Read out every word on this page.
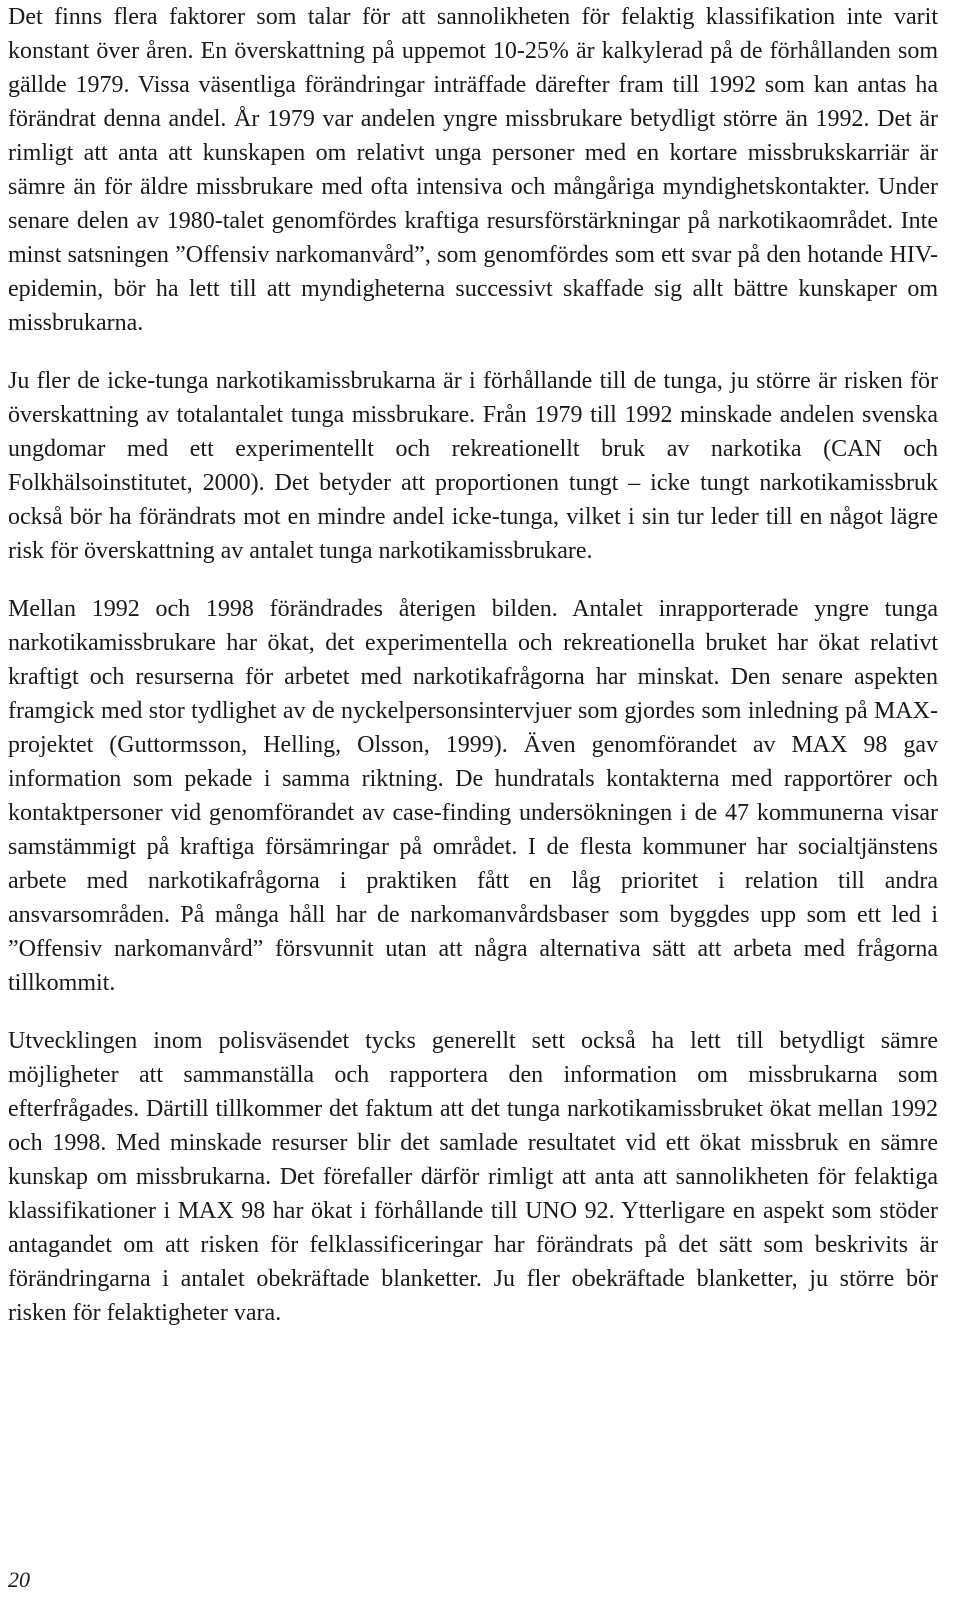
Det finns flera faktorer som talar för att sannolikheten för felaktig klassifikation inte varit konstant över åren. En överskattning på uppemot 10-25% är kalkylerad på de förhållanden som gällde 1979. Vissa väsentliga förändringar inträffade därefter fram till 1992 som kan antas ha förändrat denna andel. År 1979 var andelen yngre missbrukare betydligt större än 1992. Det är rimligt att anta att kunskapen om relativt unga personer med en kortare missbrukskarriär är sämre än för äldre missbrukare med ofta intensiva och mångåriga myndighetskontakter. Under senare delen av 1980-talet genomfördes kraftiga resursförstärkningar på narkotikaområdet. Inte minst satsningen ”Offensiv narkomanvård”, som genomfördes som ett svar på den hotande HIV-epidemin, bör ha lett till att myndigheterna successivt skaffade sig allt bättre kunskaper om missbrukarna.

Ju fler de icke-tunga narkotikamissbrukarna är i förhållande till de tunga, ju större är risken för överskattning av totalantalet tunga missbrukare. Från 1979 till 1992 minskade andelen svenska ungdomar med ett experimentellt och rekreationellt bruk av narkotika (CAN och Folkhälsoinstitutet, 2000). Det betyder att proportionen tungt – icke tungt narkotikamissbruk också bör ha förändrats mot en mindre andel icke-tunga, vilket i sin tur leder till en något lägre risk för överskattning av antalet tunga narkotikamissbrukare.

Mellan 1992 och 1998 förändrades återigen bilden. Antalet inrapporterade yngre tunga narkotikamissbrukare har ökat, det experimentella och rekreationella bruket har ökat relativt kraftigt och resurserna för arbetet med narkotikafrågorna har minskat. Den senare aspekten framgick med stor tydlighet av de nyckelpersonsintervjuer som gjordes som inledning på MAX-projektet (Guttormsson, Helling, Olsson, 1999). Även genomförandet av MAX 98 gav information som pekade i samma riktning. De hundratals kontakterna med rapportörer och kontaktpersoner vid genomförandet av case-finding undersökningen i de 47 kommunerna visar samstämmigt på kraftiga försämringar på området. I de flesta kommuner har socialtjänstens arbete med narkotikafrågorna i praktiken fått en låg prioritet i relation till andra ansvarsområden. På många håll har de narkomanvårdsbaser som byggdes upp som ett led i ”Offensiv narkomanvård” försvunnit utan att några alternativa sätt att arbeta med frågorna tillkommit.

Utvecklingen inom polisväsendet tycks generellt sett också ha lett till betydligt sämre möjligheter att sammanställa och rapportera den information om missbrukarna som efterfrågades. Därtill tillkommer det faktum att det tunga narkotikamissbruket ökat mellan 1992 och 1998. Med minskade resurser blir det samlade resultatet vid ett ökat missbruk en sämre kunskap om missbrukarna. Det förefaller därför rimligt att anta att sannolikheten för felaktiga klassifikationer i MAX 98 har ökat i förhållande till UNO 92. Ytterligare en aspekt som stöder antagandet om att risken för felklassificeringar har förändrats på det sätt som beskrivits är förändringarna i antalet obekräftade blanketter. Ju fler obekräftade blanketter, ju större bör risken för felaktigheter vara.

20
